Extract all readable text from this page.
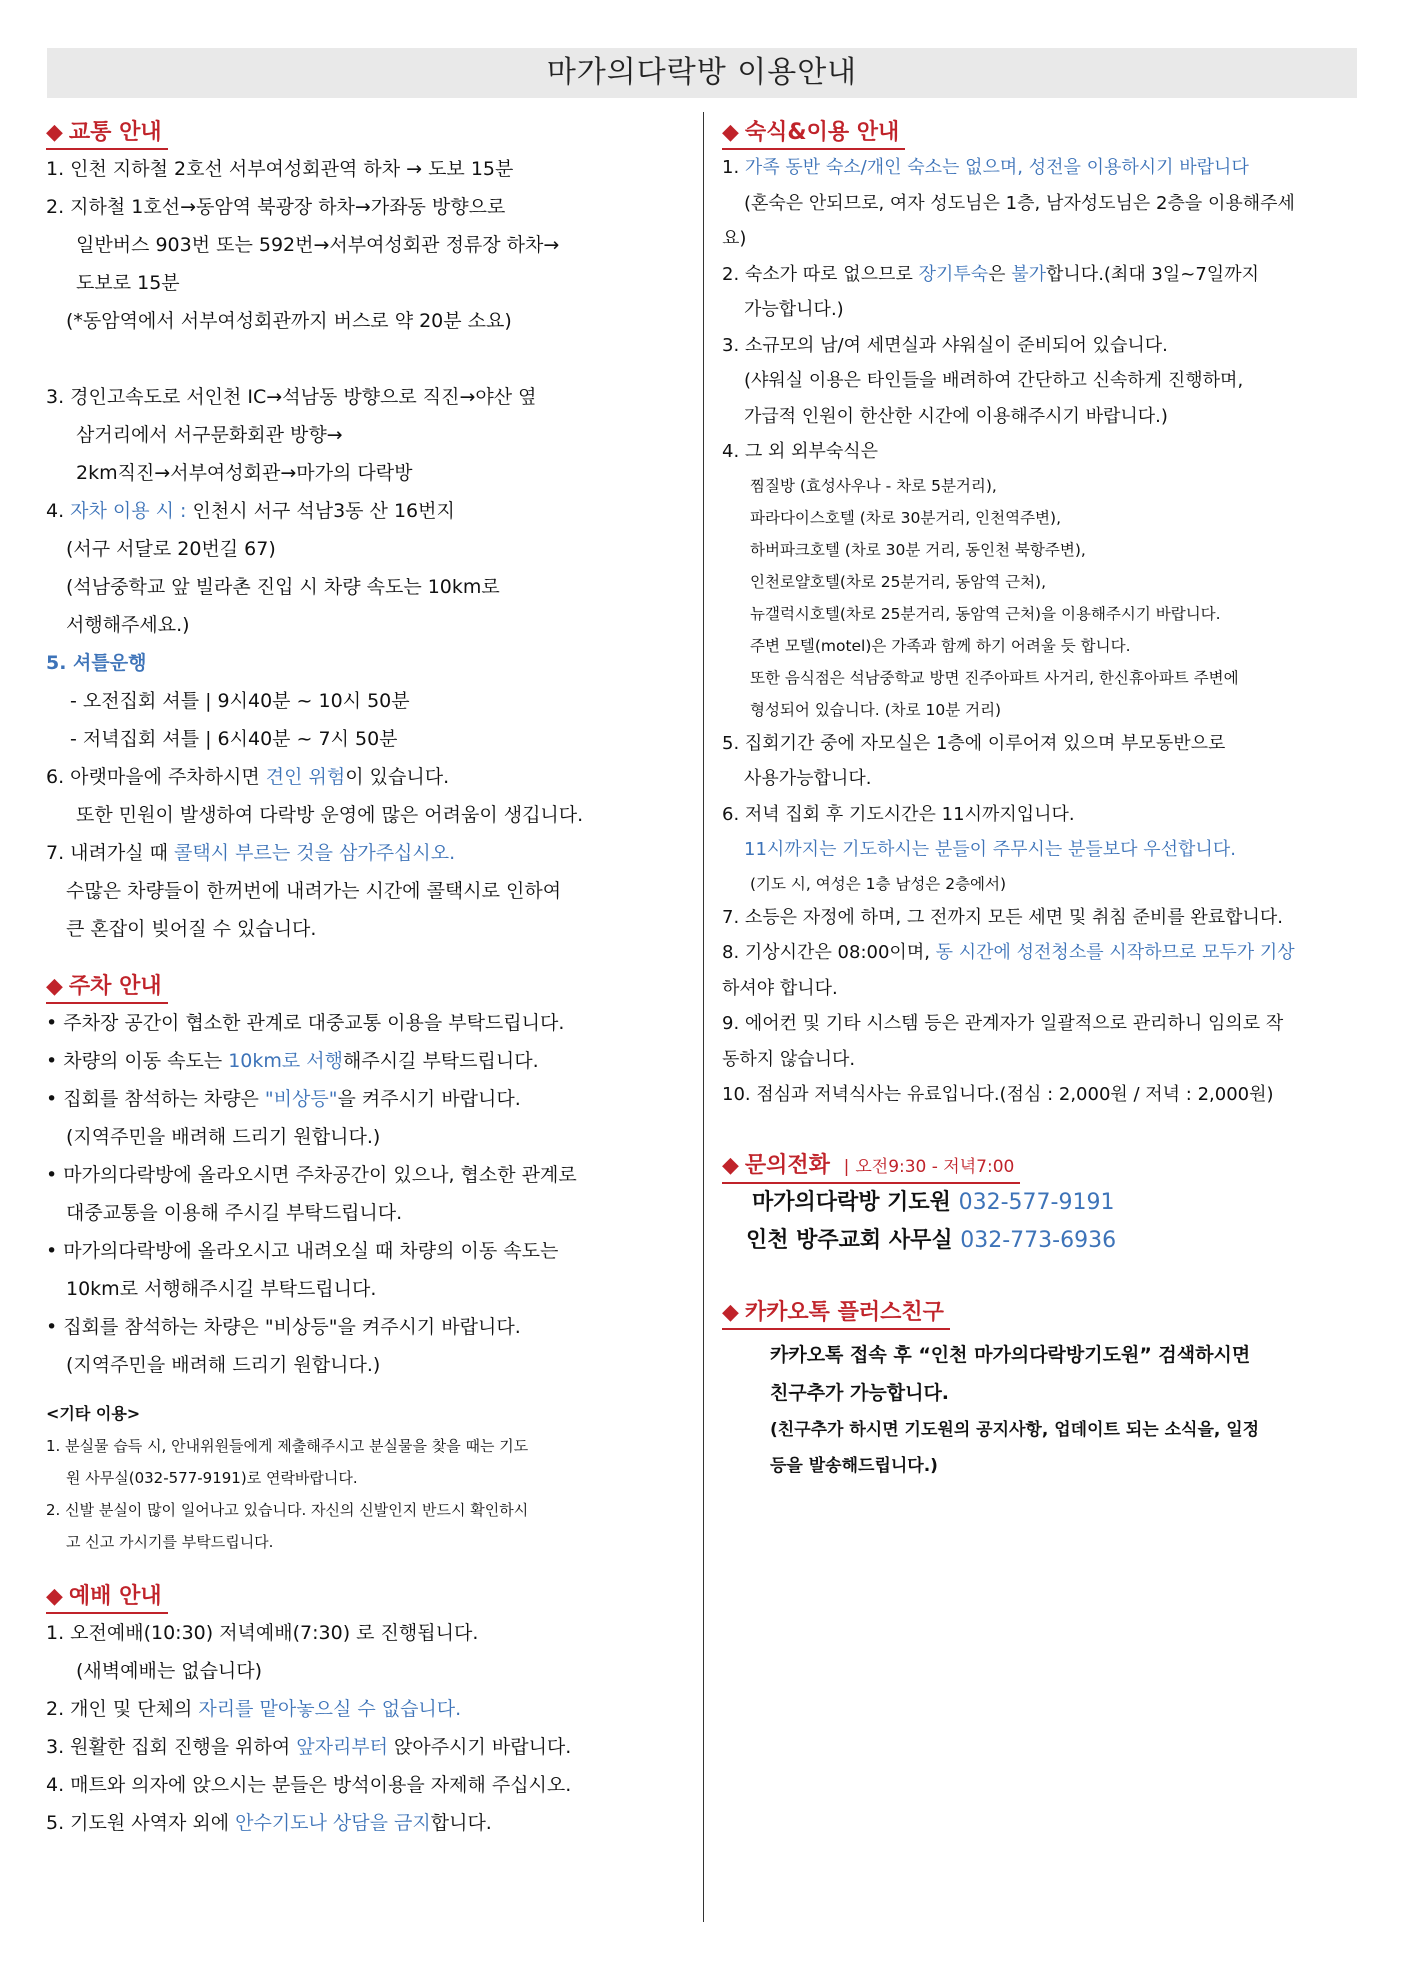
마가의다락방 이용안내
◆ 교통 안내
1. 인천 지하철 2호선 서부여성회관역 하차 → 도보 15분
2. 지하철 1호선→동암역 북광장 하차→가좌동 방향으로
일반버스 903번 또는 592번→서부여성회관 정류장 하차→
도보로 15분
(*동암역에서 서부여성회관까지 버스로 약 20분 소요)
3. 경인고속도로 서인천 IC→석남동 방향으로 직진→야산 옆
삼거리에서 서구문화회관 방향→
2km직진→서부여성회관→마가의 다락방
4. 자차 이용 시 : 인천시 서구 석남3동 산 16번지
(서구 서달로 20번길 67)
(석남중학교 앞 빌라촌 진입 시 차량 속도는 10km로
서행해주세요.)
5. 셔틀운행
- 오전집회 셔틀 | 9시40분 ~ 10시 50분
- 저녁집회 셔틀 | 6시40분 ~ 7시 50분
6. 아랫마을에 주차하시면 견인 위험이 있습니다.
또한 민원이 발생하여 다락방 운영에 많은 어려움이 생깁니다.
7. 내려가실 때 콜택시 부르는 것을 삼가주십시오.
수많은 차량들이 한꺼번에 내려가는 시간에 콜택시로 인하여
큰 혼잡이 빚어질 수 있습니다.
◆ 주차 안내
• 주차장 공간이 협소한 관계로 대중교통 이용을 부탁드립니다.
• 차량의 이동 속도는 10km로 서행해주시길 부탁드립니다.
• 집회를 참석하는 차량은 "비상등"을 켜주시기 바랍니다.
(지역주민을 배려해 드리기 원합니다.)
• 마가의다락방에 올라오시면 주차공간이 있으나, 협소한 관계로
대중교통을 이용해 주시길 부탁드립니다.
• 마가의다락방에 올라오시고 내려오실 때 차량의 이동 속도는
10km로 서행해주시길 부탁드립니다.
• 집회를 참석하는 차량은 "비상등"을 켜주시기 바랍니다.
(지역주민을 배려해 드리기 원합니다.)
<기타 이용>
1. 분실물 습득 시, 안내위원들에게 제출해주시고 분실물을 찾을 때는 기도
원 사무실(032-577-9191)로 연락바랍니다.
2. 신발 분실이 많이 일어나고 있습니다. 자신의 신발인지 반드시 확인하시
고 신고 가시기를 부탁드립니다.
◆ 예배 안내
1. 오전예배(10:30) 저녁예배(7:30) 로 진행됩니다.
(새벽예배는 없습니다)
2. 개인 및 단체의 자리를 맡아놓으실 수 없습니다.
3. 원활한 집회 진행을 위하여 앞자리부터 앉아주시기 바랍니다.
4. 매트와 의자에 앉으시는 분들은 방석이용을 자제해 주십시오.
5. 기도원 사역자 외에 안수기도나 상담을 금지합니다.
◆ 숙식&이용 안내
1. 가족 동반 숙소/개인 숙소는 없으며, 성전을 이용하시기 바랍니다
(혼숙은 안되므로, 여자 성도님은 1층, 남자성도님은 2층을 이용해주세
요)
2. 숙소가 따로 없으므로 장기투숙은 불가합니다.(최대 3일~7일까지
가능합니다.)
3. 소규모의 남/여 세면실과 샤워실이 준비되어 있습니다.
(샤워실 이용은 타인들을 배려하여 간단하고 신속하게 진행하며,
가급적 인원이 한산한 시간에 이용해주시기 바랍니다.)
4. 그 외 외부숙식은
찜질방 (효성사우나 - 차로 5분거리),
파라다이스호텔 (차로 30분거리, 인천역주변),
하버파크호텔 (차로 30분 거리, 동인천 북항주변),
인천로얄호텔(차로 25분거리, 동암역 근처),
뉴갤럭시호텔(차로 25분거리, 동암역 근처)을 이용해주시기 바랍니다.
주변 모텔(motel)은 가족과 함께 하기 어려울 듯 합니다.
또한 음식점은 석남중학교 방면 진주아파트 사거리, 한신휴아파트 주변에
형성되어 있습니다. (차로 10분 거리)
5. 집회기간 중에 자모실은 1층에 이루어져 있으며 부모동반으로
사용가능합니다.
6. 저녁 집회 후 기도시간은 11시까지입니다.
11시까지는 기도하시는 분들이 주무시는 분들보다 우선합니다.
(기도 시, 여성은 1층 남성은 2층에서)
7. 소등은 자정에 하며, 그 전까지 모든 세면 및 취침 준비를 완료합니다.
8. 기상시간은 08:00이며, 동 시간에 성전청소를 시작하므로 모두가 기상
하셔야 합니다.
9. 에어컨 및 기타 시스템 등은 관계자가 일괄적으로 관리하니 임의로 작
동하지 않습니다.
10. 점심과 저녁식사는 유료입니다.(점심 : 2,000원 / 저녁 : 2,000원)
◆ 문의전화 | 오전9:30 - 저녁7:00
마가의다락방 기도원 032-577-9191
인천 방주교회 사무실 032-773-6936
◆ 카카오톡 플러스친구
카카오톡 접속 후 “인천 마가의다락방기도원” 검색하시면
친구추가 가능합니다.
(친구추가 하시면 기도원의 공지사항, 업데이트 되는 소식을, 일정
등을 발송해드립니다.)
